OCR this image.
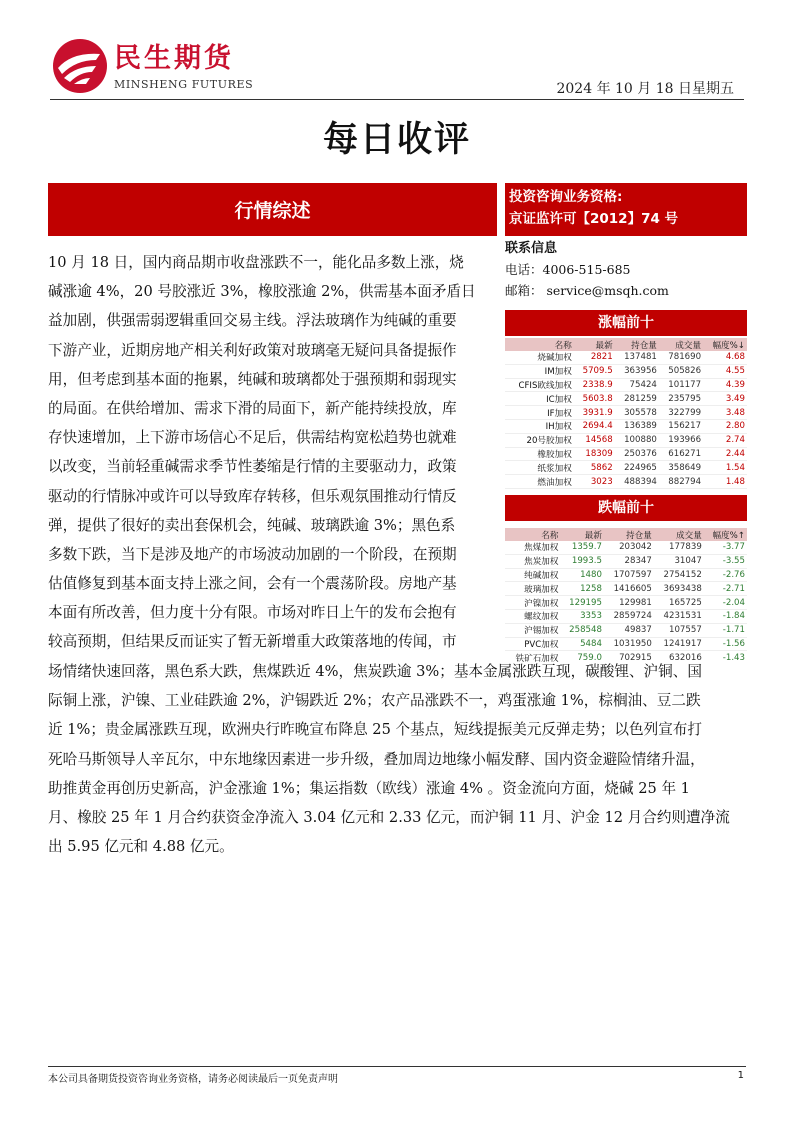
民生期货
MINSHENG FUTURES	2024 年 10 月 18 日星期五
每日收评
行情综述
10 月 18 日，国内商品期市收盘涨跌不一，能化品多数上涨，烧
碱涨逾 4%，20 号胶涨近 3%，橡胶涨逾 2%，供需基本面矛盾日
益加剧，供强需弱逻辑重回交易主线。浮法玻璃作为纯碱的重要
下游产业，近期房地产相关利好政策对玻璃毫无疑问具备提振作
用，但考虑到基本面的拖累，纯碱和玻璃都处于强预期和弱现实
的局面。在供给增加、需求下滑的局面下，新产能持续投放，库
存快速增加，上下游市场信心不足后，供需结构宽松趋势也就难
以改变，当前轻重碱需求季节性萎缩是行情的主要驱动力，政策
驱动的行情脉冲或许可以导致库存转移，但乐观氛围推动行情反
弹，提供了很好的卖出套保机会，纯碱、玻璃跌逾 3%；黑色系
多数下跌，当下是涉及地产的市场波动加剧的一个阶段，在预期
估值修复到基本面支持上涨之间，会有一个震荡阶段。房地产基
本面有所改善，但力度十分有限。市场对昨日上午的发布会抱有
较高预期，但结果反而证实了暂无新增重大政策落地的传闻，市
场情绪快速回落，黑色系大跌，焦煤跌近 4%，焦炭跌逾 3%；基本金属涨跌互现，碳酸锂、沪铜、国
际铜上涨，沪镍、工业硅跌逾 2%，沪锡跌近 2%；农产品涨跌不一，鸡蛋涨逾 1%，棕榈油、豆二跌
近 1%；贵金属涨跌互现，欧洲央行昨晚宣布降息 25 个基点，短线提振美元反弹走势；以色列宣布打
死哈马斯领导人辛瓦尔，中东地缘因素进一步升级，叠加周边地缘小幅发酵、国内资金避险情绪升温，
助推黄金再创历史新高，沪金涨逾 1%；集运指数（欧线）涨逾 4% 。资金流向方面，烧碱 25 年 1
月、橡胶 25 年 1 月合约获资金净流入 3.04 亿元和 2.33 亿元，而沪铜 11 月、沪金 12 月合约则遭净流
出 5.95 亿元和 4.88 亿元。
投资咨询业务资格:
京证监许可【2012】74 号
联系信息
电话：4006-515-685
邮箱： service@msqh.com
涨幅前十
名称	最新	持仓量	成交量	幅度%↓
烧碱加权	2821	137481	781690	4.68
IM加权	5709.5	363956	505826	4.55
CFIS欧线加权	2338.9	75424	101177	4.39
IC加权	5603.8	281259	235795	3.49
IF加权	3931.9	305578	322799	3.48
IH加权	2694.4	136389	156217	2.80
20号胶加权	14568	100880	193966	2.74
橡胶加权	18309	250376	616271	2.44
纸浆加权	5862	224965	358649	1.54
燃油加权	3023	488394	882794	1.48
跌幅前十
名称	最新	持仓量	成交量	幅度%↑
焦煤加权	1359.7	203042	177839	-3.77
焦炭加权	1993.5	28347	31047	-3.55
纯碱加权	1480	1707597	2754152	-2.76
玻璃加权	1258	1416605	3693438	-2.71
沪镍加权	129195	129981	165725	-2.04
螺纹加权	3353	2859724	4231531	-1.84
沪锡加权	258548	49837	107557	-1.71
PVC加权	5484	1031950	1241917	-1.56
铁矿石加权	759.0	702915	632016	-1.43

本公司具备期货投资咨询业务资格，请务必阅读最后一页免责声明	1
